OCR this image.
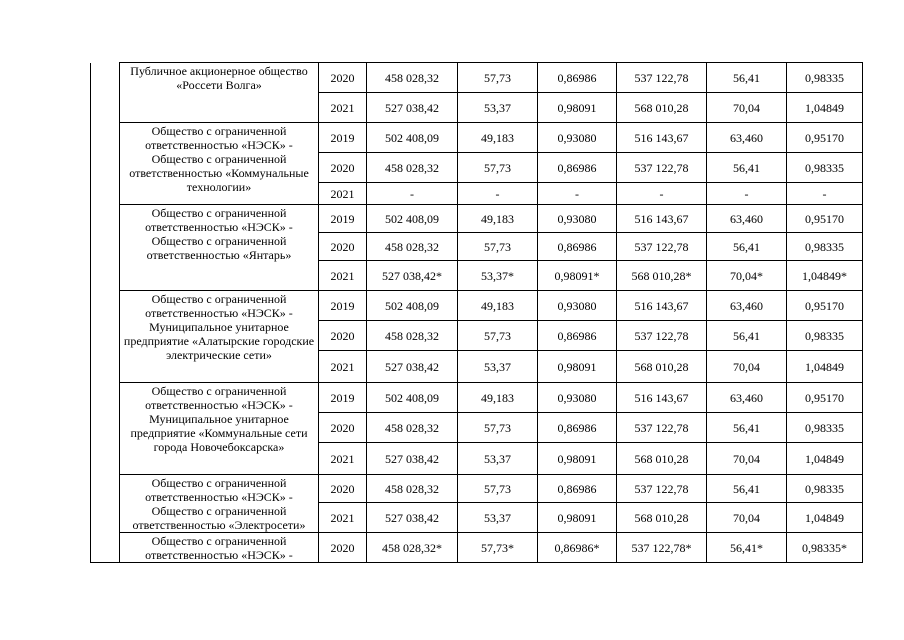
	Публичное акционерное общество «Россети Волга»	2020	458 028,32	57,73	0,86986	537 122,78	56,41	0,98335
		2021	527 038,42	53,37	0,98091	568 010,28	70,04	1,04849
	Общество с ограниченной ответственностью «НЭСК» - Общество с ограниченной ответственностью «Коммунальные технологии»	2019	502 408,09	49,183	0,93080	516 143,67	63,460	0,95170
		2020	458 028,32	57,73	0,86986	537 122,78	56,41	0,98335
		2021	-	-	-	-	-	-
	Общество с ограниченной ответственностью «НЭСК» - Общество с ограниченной ответственностью «Янтарь»	2019	502 408,09	49,183	0,93080	516 143,67	63,460	0,95170
		2020	458 028,32	57,73	0,86986	537 122,78	56,41	0,98335
		2021	527 038,42*	53,37*	0,98091*	568 010,28*	70,04*	1,04849*
	Общество с ограниченной ответственностью «НЭСК» - Муниципальное унитарное предприятие «Алатырские городские электрические сети»	2019	502 408,09	49,183	0,93080	516 143,67	63,460	0,95170
		2020	458 028,32	57,73	0,86986	537 122,78	56,41	0,98335
		2021	527 038,42	53,37	0,98091	568 010,28	70,04	1,04849
	Общество с ограниченной ответственностью «НЭСК» - Муниципальное унитарное предприятие «Коммунальные сети города Новочебоксарска»	2019	502 408,09	49,183	0,93080	516 143,67	63,460	0,95170
		2020	458 028,32	57,73	0,86986	537 122,78	56,41	0,98335
		2021	527 038,42	53,37	0,98091	568 010,28	70,04	1,04849
	Общество с ограниченной ответственностью «НЭСК» - Общество с ограниченной ответственностью «Электросети»	2020	458 028,32	57,73	0,86986	537 122,78	56,41	0,98335
		2021	527 038,42	53,37	0,98091	568 010,28	70,04	1,04849
	Общество с ограниченной ответственностью «НЭСК» -	2020	458 028,32*	57,73*	0,86986*	537 122,78*	56,41*	0,98335*
